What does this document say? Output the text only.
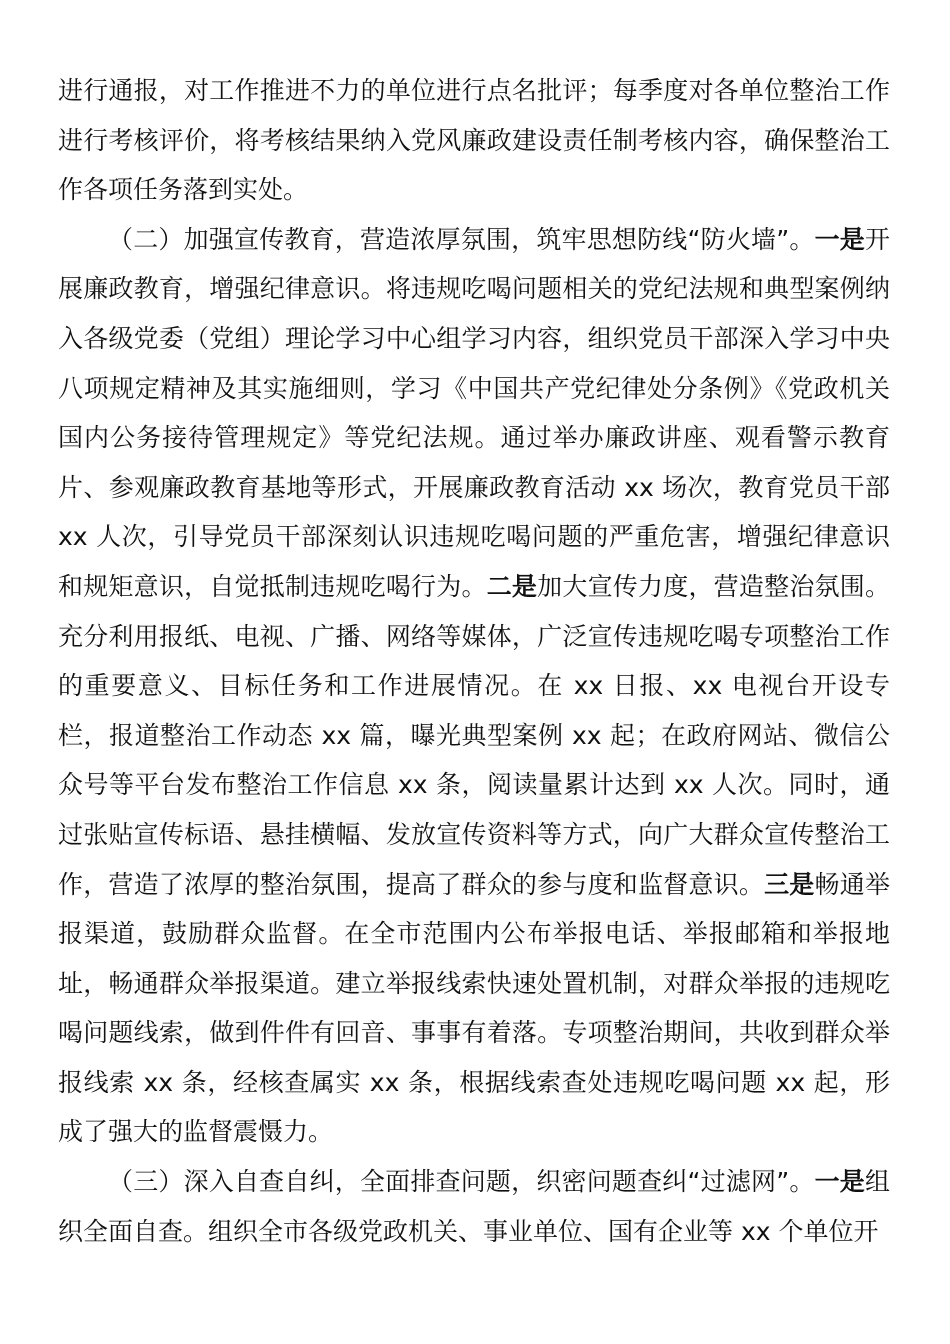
进行通报，对工作推进不力的单位进行点名批评；每季度对各单位整治工作进行考核评价，将考核结果纳入党风廉政建设责任制考核内容，确保整治工作各项任务落到实处。

（二）加强宣传教育，营造浓厚氛围，筑牢思想防线“防火墙”。一是开展廉政教育，增强纪律意识。将违规吃喝问题相关的党纪法规和典型案例纳入各级党委（党组）理论学习中心组学习内容，组织党员干部深入学习中央八项规定精神及其实施细则，学习《中国共产党纪律处分条例》《党政机关国内公务接待管理规定》等党纪法规。通过举办廉政讲座、观看警示教育片、参观廉政教育基地等形式，开展廉政教育活动 xx 场次，教育党员干部xx 人次，引导党员干部深刻认识违规吃喝问题的严重危害，增强纪律意识和规矩意识，自觉抵制违规吃喝行为。二是加大宣传力度，营造整治氛围。充分利用报纸、电视、广播、网络等媒体，广泛宣传违规吃喝专项整治工作的重要意义、目标任务和工作进展情况。在 xx 日报、xx 电视台开设专栏，报道整治工作动态 xx 篇，曝光典型案例 xx 起；在政府网站、微信公众号等平台发布整治工作信息 xx 条，阅读量累计达到 xx 人次。同时，通过张贴宣传标语、悬挂横幅、发放宣传资料等方式，向广大群众宣传整治工作，营造了浓厚的整治氛围，提高了群众的参与度和监督意识。三是畅通举报渠道，鼓励群众监督。在全市范围内公布举报电话、举报邮箱和举报地址，畅通群众举报渠道。建立举报线索快速处置机制，对群众举报的违规吃喝问题线索，做到件件有回音、事事有着落。专项整治期间，共收到群众举报线索 xx 条，经核查属实 xx 条，根据线索查处违规吃喝问题 xx 起，形成了强大的监督震慑力。

（三）深入自查自纠，全面排查问题，织密问题查纠“过滤网”。一是组织全面自查。组织全市各级党政机关、事业单位、国有企业等 xx 个单位开
